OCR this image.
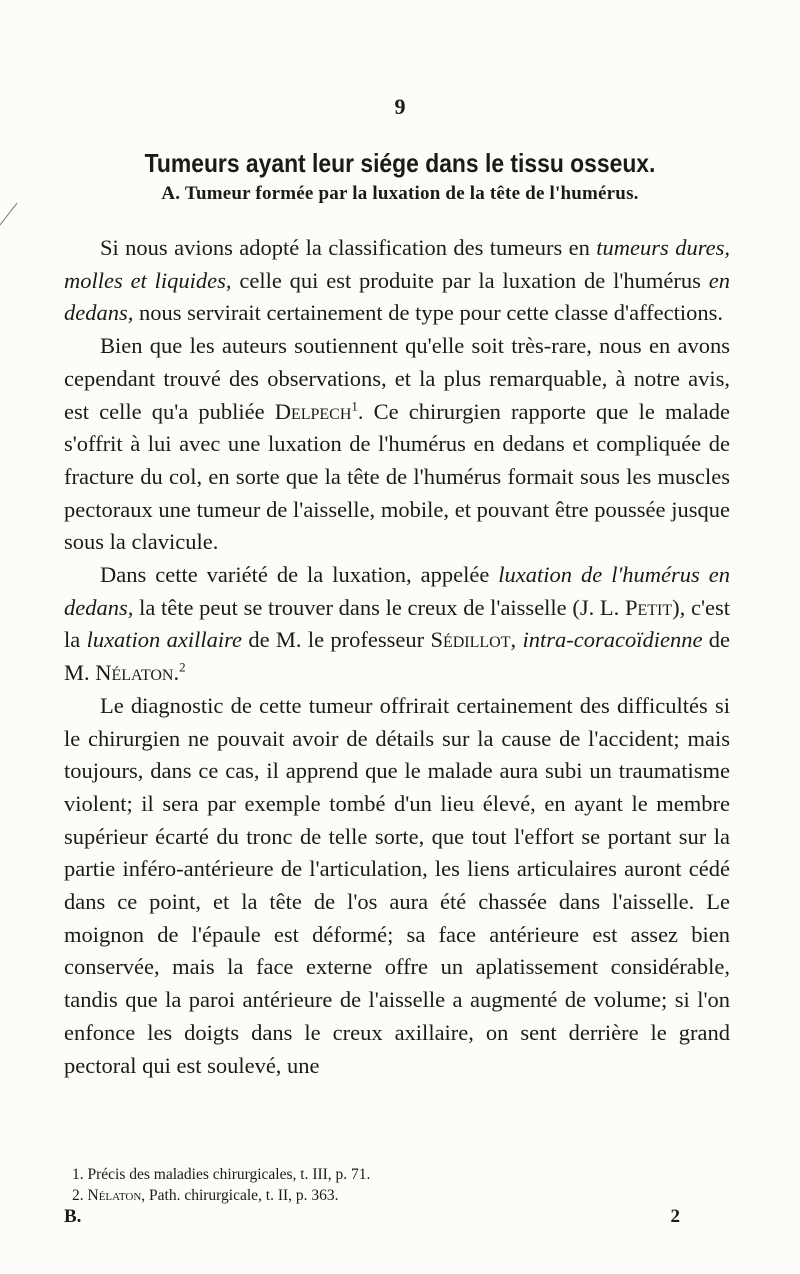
9
Tumeurs ayant leur siége dans le tissu osseux.
A. Tumeur formée par la luxation de la tête de l'humérus.

Si nous avions adopté la classification des tumeurs en tumeurs dures, molles et liquides, celle qui est produite par la luxation de l'humérus en dedans, nous servirait certainement de type pour cette classe d'affections.

Bien que les auteurs soutiennent qu'elle soit très-rare, nous en avons cependant trouvé des observations, et la plus remarquable, à notre avis, est celle qu'a publiée Delpech$^1$. Ce chirurgien rapporte que le malade s'offrit à lui avec une luxation de l'humérus en dedans et compliquée de fracture du col, en sorte que la tête de l'humérus formait sous les muscles pectoraux une tumeur de l'aisselle, mobile, et pouvant être poussée jusque sous la clavicule.

Dans cette variété de la luxation, appelée luxation de l'humérus en dedans, la tête peut se trouver dans le creux de l'aisselle (J. L. Petit), c'est la luxation axillaire de M. le professeur Sédillot, intra-coracoïdienne de M. Nélaton.$^2$

Le diagnostic de cette tumeur offrirait certainement des difficultés si le chirurgien ne pouvait avoir de détails sur la cause de l'accident; mais toujours, dans ce cas, il apprend que le malade aura subi un traumatisme violent; il sera par exemple tombé d'un lieu élevé, en ayant le membre supérieur écarté du tronc de telle sorte, que tout l'effort se portant sur la partie inféro-antérieure de l'articulation, les liens articulaires auront cédé dans ce point, et la tête de l'os aura été chassée dans l'aisselle. Le moignon de l'épaule est déformé; sa face antérieure est assez bien conservée, mais la face externe offre un aplatissement considérable, tandis que la paroi antérieure de l'aisselle a augmenté de volume; si l'on enfonce les doigts dans le creux axillaire, on sent derrière le grand pectoral qui est soulevé, une

1. Précis des maladies chirurgicales, t. III, p. 71.

2. Nélaton, Path. chirurgicale, t. II, p. 363.

B.	2
